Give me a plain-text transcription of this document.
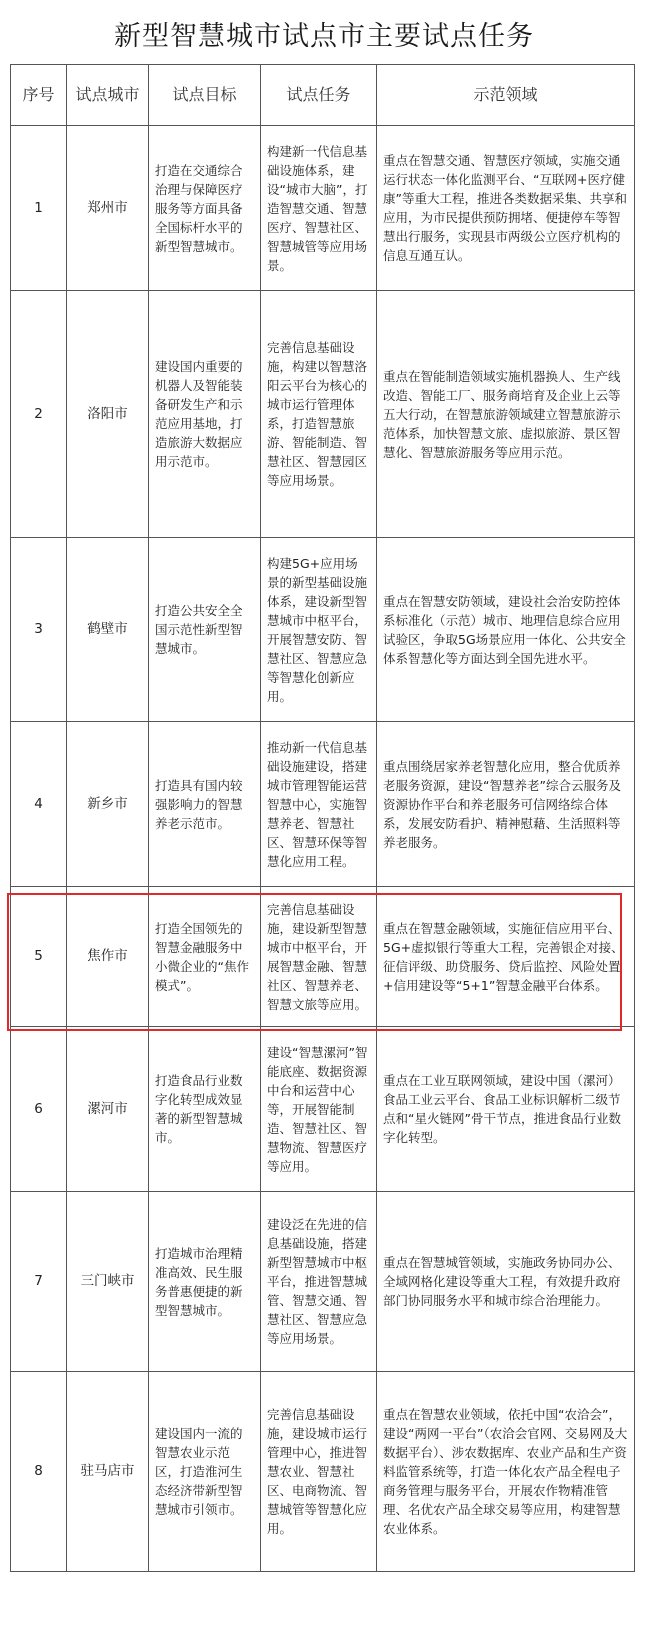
新型智慧城市试点市主要试点任务
序号	试点城市	试点目标	试点任务	示范领域
1	郑州市	打造在交通综合治理与保障医疗服务等方面具备全国标杆水平的新型智慧城市。	构建新一代信息基础设施体系，建设“城市大脑”，打造智慧交通、智慧医疗、智慧社区、智慧城管等应用场景。	重点在智慧交通、智慧医疗领域，实施交通运行状态一体化监测平台、“互联网+医疗健康”等重大工程，推进各类数据采集、共享和应用，为市民提供预防拥堵、便捷停车等智慧出行服务，实现县市两级公立医疗机构的信息互通互认。
2	洛阳市	建设国内重要的机器人及智能装备研发生产和示范应用基地，打造旅游大数据应用示范市。	完善信息基础设施，构建以智慧洛阳云平台为核心的城市运行管理体系，打造智慧旅游、智能制造、智慧社区、智慧园区等应用场景。	重点在智能制造领域实施机器换人、生产线改造、智能工厂、服务商培育及企业上云等五大行动，在智慧旅游领域建立智慧旅游示范体系，加快智慧文旅、虚拟旅游、景区智慧化、智慧旅游服务等应用示范。
3	鹤壁市	打造公共安全全国示范性新型智慧城市。	构建5G+应用场景的新型基础设施体系，建设新型智慧城市中枢平台，开展智慧安防、智慧社区、智慧应急等智慧化创新应用。	重点在智慧安防领域，建设社会治安防控体系标准化（示范）城市、地理信息综合应用试验区，争取5G场景应用一体化、公共安全体系智慧化等方面达到全国先进水平。
4	新乡市	打造具有国内较强影响力的智慧养老示范市。	推动新一代信息基础设施建设，搭建城市管理智能运营智慧中心，实施智慧养老、智慧社区、智慧环保等智慧化应用工程。	重点围绕居家养老智慧化应用，整合优质养老服务资源，建设“智慧养老”综合云服务及资源协作平台和养老服务可信网络综合体系，发展安防看护、精神慰藉、生活照料等养老服务。
5	焦作市	打造全国领先的智慧金融服务中小微企业的“焦作模式”。	完善信息基础设施，建设新型智慧城市中枢平台，开展智慧金融、智慧社区、智慧养老、智慧文旅等应用。	重点在智慧金融领域，实施征信应用平台、5G+虚拟银行等重大工程，完善银企对接、征信评级、助贷服务、贷后监控、风险处置+信用建设等“5+1”智慧金融平台体系。
6	漯河市	打造食品行业数字化转型成效显著的新型智慧城市。	建设“智慧漯河”智能底座、数据资源中台和运营中心等，开展智能制造、智慧社区、智慧物流、智慧医疗等应用。	重点在工业互联网领域，建设中国（漯河）食品工业云平台、食品工业标识解析二级节点和“星火链网”骨干节点，推进食品行业数字化转型。
7	三门峡市	打造城市治理精准高效、民生服务普惠便捷的新型智慧城市。	建设泛在先进的信息基础设施，搭建新型智慧城市中枢平台，推进智慧城管、智慧交通、智慧社区、智慧应急等应用场景。	重点在智慧城管领域，实施政务协同办公、全域网格化建设等重大工程，有效提升政府部门协同服务水平和城市综合治理能力。
8	驻马店市	建设国内一流的智慧农业示范区，打造淮河生态经济带新型智慧城市引领市。	完善信息基础设施，建设城市运行管理中心，推进智慧农业、智慧社区、电商物流、智慧城管等智慧化应用。	重点在智慧农业领域，依托中国“农洽会”，建设“两网一平台”（农洽会官网、交易网及大数据平台）、涉农数据库、农业产品和生产资料监管系统等，打造一体化农产品全程电子商务管理与服务平台，开展农作物精准管理、名优农产品全球交易等应用，构建智慧农业体系。
